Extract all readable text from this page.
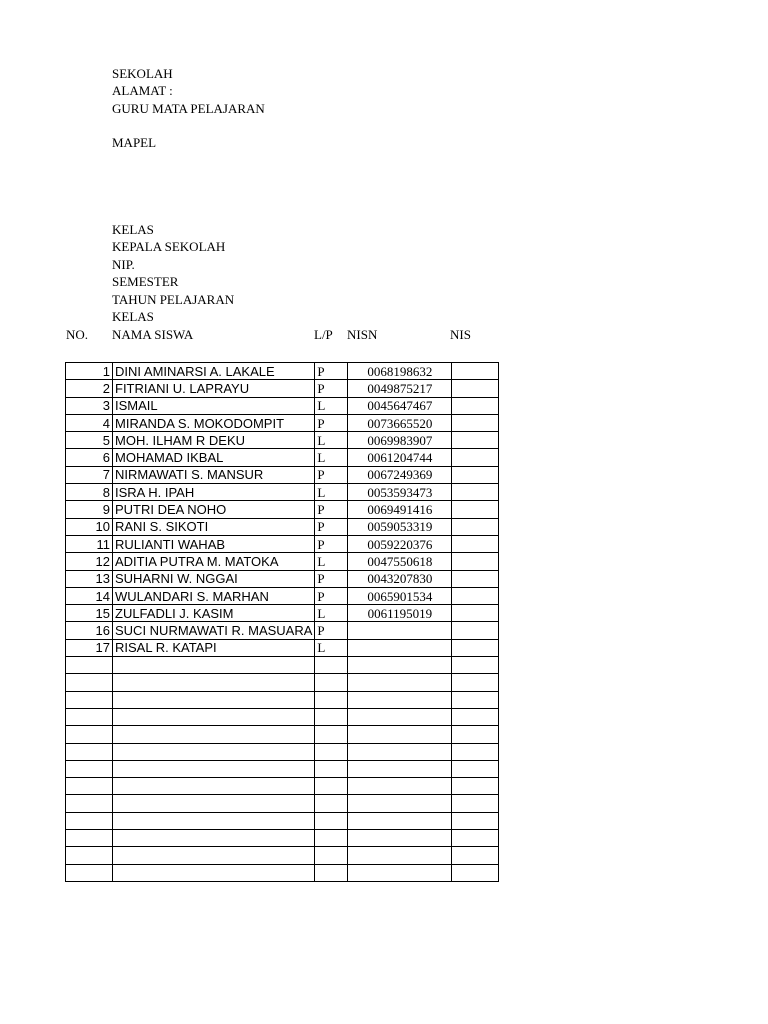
SEKOLAH
ALAMAT :
GURU MATA PELAJARAN
MAPEL
KELAS
KEPALA SEKOLAH
NIP.
SEMESTER
TAHUN PELAJARAN
KELAS
NO. NAMA SISWA	L/P NISN	NIS
1	DINI AMINARSI A. LAKALE	P	0068198632	
2	FITRIANI U. LAPRAYU	P	0049875217	
3	ISMAIL	L	0045647467	
4	MIRANDA S. MOKODOMPIT	P	0073665520	
5	MOH. ILHAM R DEKU	L	0069983907	
6	MOHAMAD IKBAL	L	0061204744	
7	NIRMAWATI S. MANSUR	P	0067249369	
8	ISRA H. IPAH	L	0053593473	
9	PUTRI DEA NOHO	P	0069491416	
10	RANI S. SIKOTI	P	0059053319	
11	RULIANTI WAHAB	P	0059220376	
12	ADITIA PUTRA M. MATOKA	L	0047550618	
13	SUHARNI W. NGGAI	P	0043207830	
14	WULANDARI S. MARHAN	P	0065901534	
15	ZULFADLI J. KASIM	L	0061195019	
16	SUCI NURMAWATI R. MASUARA	P		
17	RISAL R. KATAPI	L		
